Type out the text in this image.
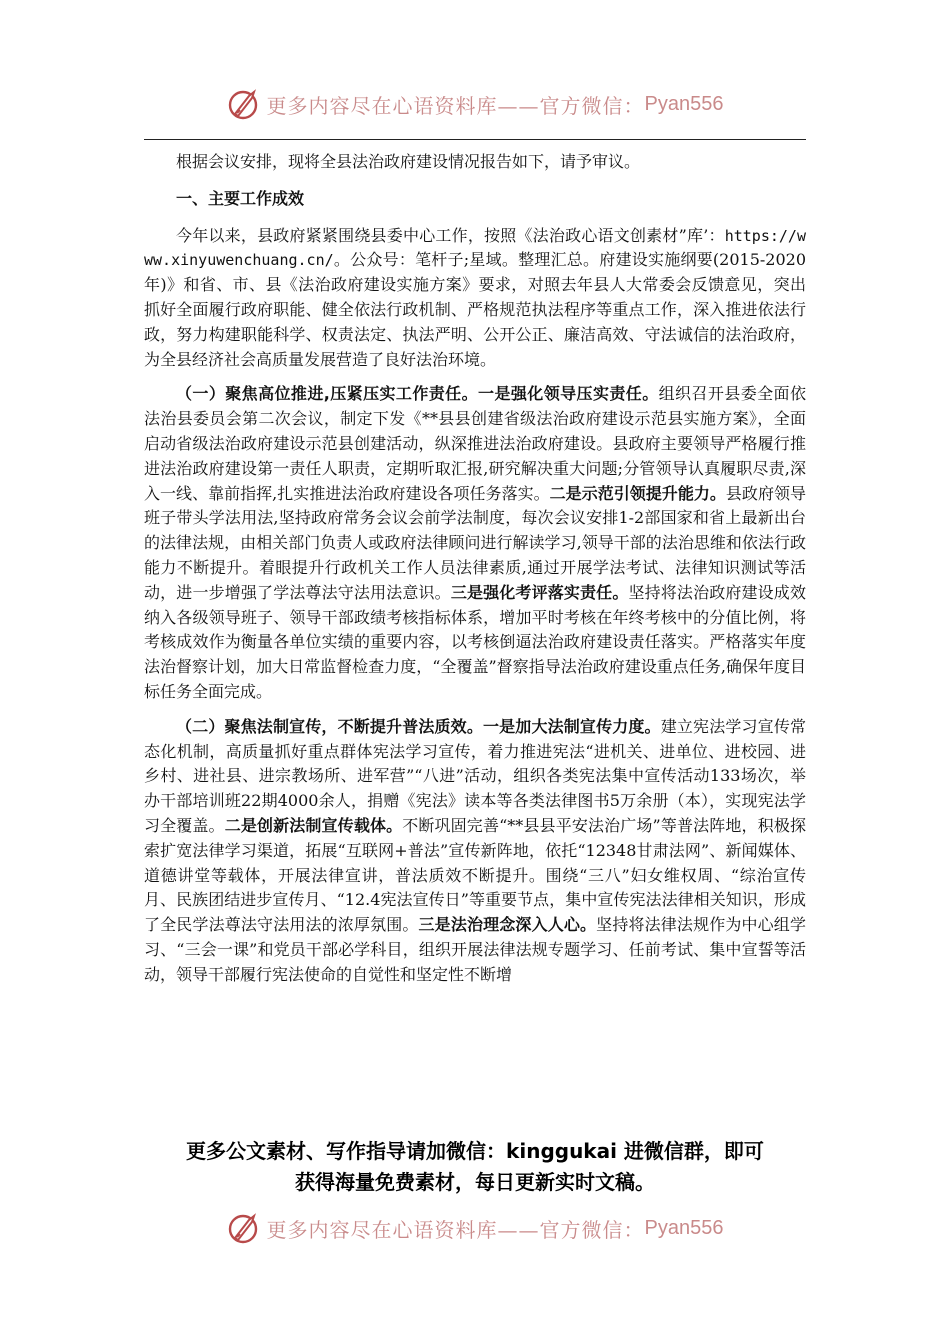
更多内容尽在心语资料库——官方微信： Pyan556

根据会议安排，现将全县法治政府建设情况报告如下，请予审议。

一、主要工作成效

今年以来，县政府紧紧围绕县委中心工作，按照《法治政心语文创素材”库’：https://www.xinyuwenchuang.cn/。公众号：笔杆子;星域。整理汇总。府建设实施纲要(2015-2020年)》和省、市、县《法治政府建设实施方案》要求，对照去年县人大常委会反馈意见，突出抓好全面履行政府职能、健全依法行政机制、严格规范执法程序等重点工作，深入推进依法行政，努力构建职能科学、权责法定、执法严明、公开公正、廉洁高效、守法诚信的法治政府，为全县经济社会高质量发展营造了良好法治环境。

（一）聚焦高位推进,压紧压实工作责任。一是强化领导压实责任。组织召开县委全面依法治县委员会第二次会议，制定下发《**县县创建省级法治政府建设示范县实施方案》，全面启动省级法治政府建设示范县创建活动，纵深推进法治政府建设。县政府主要领导严格履行推进法治政府建设第一责任人职责，定期听取汇报,研究解决重大问题;分管领导认真履职尽责,深入一线、靠前指挥,扎实推进法治政府建设各项任务落实。二是示范引领提升能力。县政府领导班子带头学法用法,坚持政府常务会议会前学法制度，每次会议安排1-2部国家和省上最新出台的法律法规，由相关部门负责人或政府法律顾问进行解读学习,领导干部的法治思维和依法行政能力不断提升。着眼提升行政机关工作人员法律素质,通过开展学法考试、法律知识测试等活动，进一步增强了学法尊法守法用法意识。三是强化考评落实责任。坚持将法治政府建设成效纳入各级领导班子、领导干部政绩考核指标体系，增加平时考核在年终考核中的分值比例，将考核成效作为衡量各单位实绩的重要内容，以考核倒逼法治政府建设责任落实。严格落实年度法治督察计划，加大日常监督检查力度，“全覆盖”督察指导法治政府建设重点任务,确保年度目标任务全面完成。

（二）聚焦法制宣传，不断提升普法质效。一是加大法制宣传力度。建立宪法学习宣传常态化机制，高质量抓好重点群体宪法学习宣传，着力推进宪法“进机关、进单位、进校园、进乡村、进社县、进宗教场所、进军营”“八进”活动，组织各类宪法集中宣传活动133场次，举办干部培训班22期4000余人，捐赠《宪法》读本等各类法律图书5万余册（本），实现宪法学习全覆盖。二是创新法制宣传载体。不断巩固完善“**县县平安法治广场”等普法阵地，积极探索扩宽法律学习渠道，拓展“互联网+普法”宣传新阵地，依托“12348甘肃法网”、新闻媒体、道德讲堂等载体，开展法律宣讲，普法质效不断提升。围绕“三八”妇女维权周、“综治宣传月、民族团结进步宣传月、“12.4宪法宣传日”等重要节点，集中宣传宪法法律相关知识，形成了全民学法尊法守法用法的浓厚氛围。三是法治理念深入人心。坚持将法律法规作为中心组学习、“三会一课”和党员干部必学科目，组织开展法律法规专题学习、任前考试、集中宣誓等活动，领导干部履行宪法使命的自觉性和坚定性不断增

更多公文素材、写作指导请加微信：kinggukai 进微信群，即可
获得海量免费素材，每日更新实时文稿。
更多内容尽在心语资料库——官方微信： Pyan556
